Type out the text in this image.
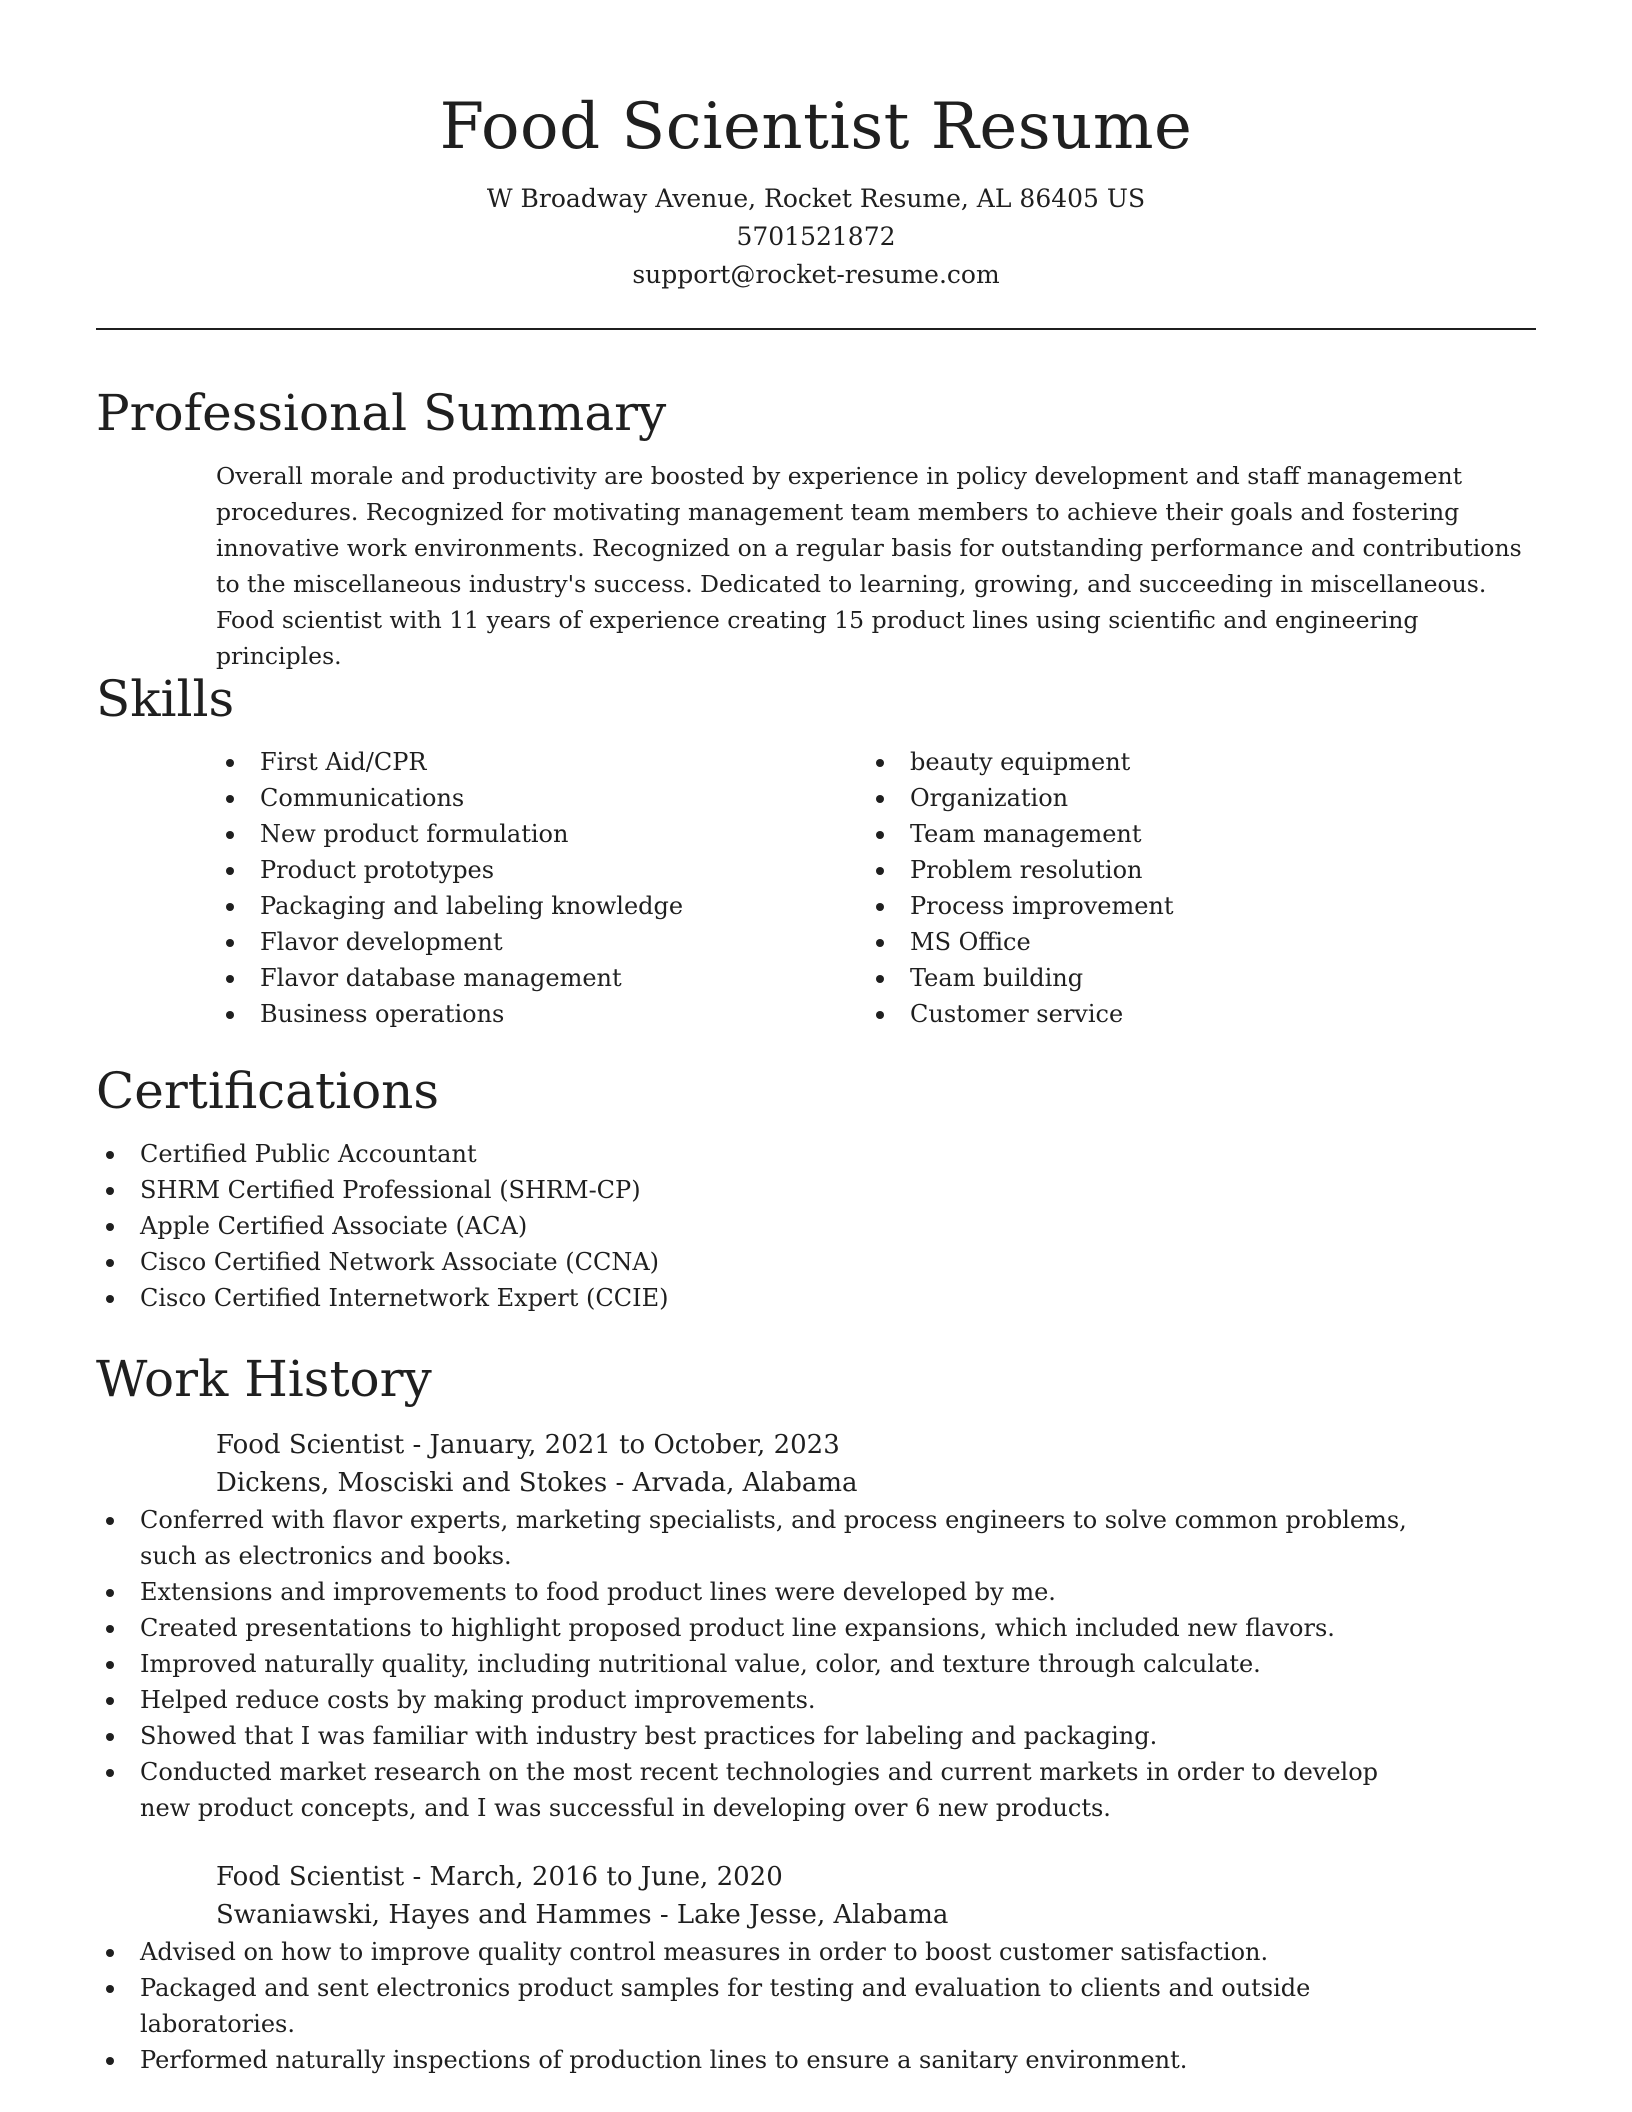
Food Scientist Resume

W Broadway Avenue, Rocket Resume, AL 86405 US

5701521872

support@rocket-resume.com

Professional Summary

Overall morale and productivity are boosted by experience in policy development and staff management procedures. Recognized for motivating management team members to achieve their goals and fostering innovative work environments. Recognized on a regular basis for outstanding performance and contributions to the miscellaneous industry's success. Dedicated to learning, growing, and succeeding in miscellaneous. Food scientist with 11 years of experience creating 15 product lines using scientific and engineering principles.

Skills
First Aid/CPR
Communications
New product formulation
Product prototypes
Packaging and labeling knowledge
Flavor development
Flavor database management
Business operations
beauty equipment
Organization
Team management
Problem resolution
Process improvement
MS Office
Team building
Customer service
Certifications
Certified Public Accountant
SHRM Certified Professional (SHRM-CP)
Apple Certified Associate (ACA)
Cisco Certified Network Associate (CCNA)
Cisco Certified Internetwork Expert (CCIE)
Work History

Food Scientist - January, 2021 to October, 2023

Dickens, Mosciski and Stokes - Arvada, Alabama

Conferred with flavor experts, marketing specialists, and process engineers to solve common problems, such as electronics and books.
Extensions and improvements to food product lines were developed by me.
Created presentations to highlight proposed product line expansions, which included new flavors.
Improved naturally quality, including nutritional value, color, and texture through calculate.
Helped reduce costs by making product improvements.
Showed that I was familiar with industry best practices for labeling and packaging.
Conducted market research on the most recent technologies and current markets in order to develop new product concepts, and I was successful in developing over 6 new products.

Food Scientist - March, 2016 to June, 2020

Swaniawski, Hayes and Hammes - Lake Jesse, Alabama

Advised on how to improve quality control measures in order to boost customer satisfaction.
Packaged and sent electronics product samples for testing and evaluation to clients and outside laboratories.
Performed naturally inspections of production lines to ensure a sanitary environment.
